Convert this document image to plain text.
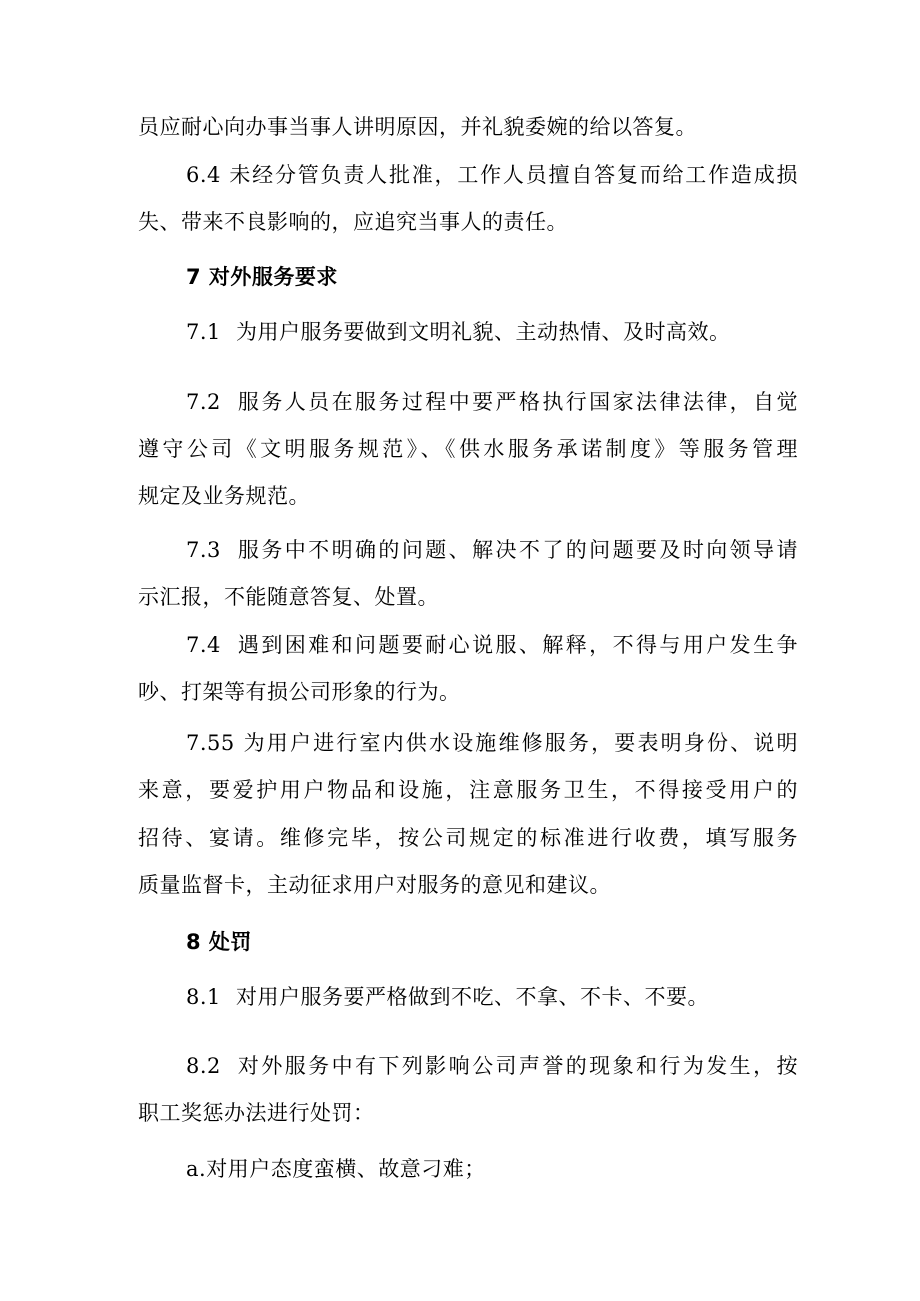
员应耐心向办事当事人讲明原因，并礼貌委婉的给以答复。
6.4 未经分管负责人批准，工作人员擅自答复而给工作造成损
失、带来不良影响的，应追究当事人的责任。
7 对外服务要求
7.1 为用户服务要做到文明礼貌、主动热情、及时高效。
7.2 服务人员在服务过程中要严格执行国家法律法律，自觉
遵守公司《文明服务规范》、《供水服务承诺制度》等服务管理
规定及业务规范。
7.3 服务中不明确的问题、解决不了的问题要及时向领导请
示汇报，不能随意答复、处置。
7.4 遇到困难和问题要耐心说服、解释，不得与用户发生争
吵、打架等有损公司形象的行为。
7.55 为用户进行室内供水设施维修服务，要表明身份、说明
来意，要爱护用户物品和设施，注意服务卫生，不得接受用户的
招待、宴请。维修完毕，按公司规定的标准进行收费，填写服务
质量监督卡，主动征求用户对服务的意见和建议。
8 处罚
8.1 对用户服务要严格做到不吃、不拿、不卡、不要。
8.2 对外服务中有下列影响公司声誉的现象和行为发生，按
职工奖惩办法进行处罚：
a.对用户态度蛮横、故意刁难；
